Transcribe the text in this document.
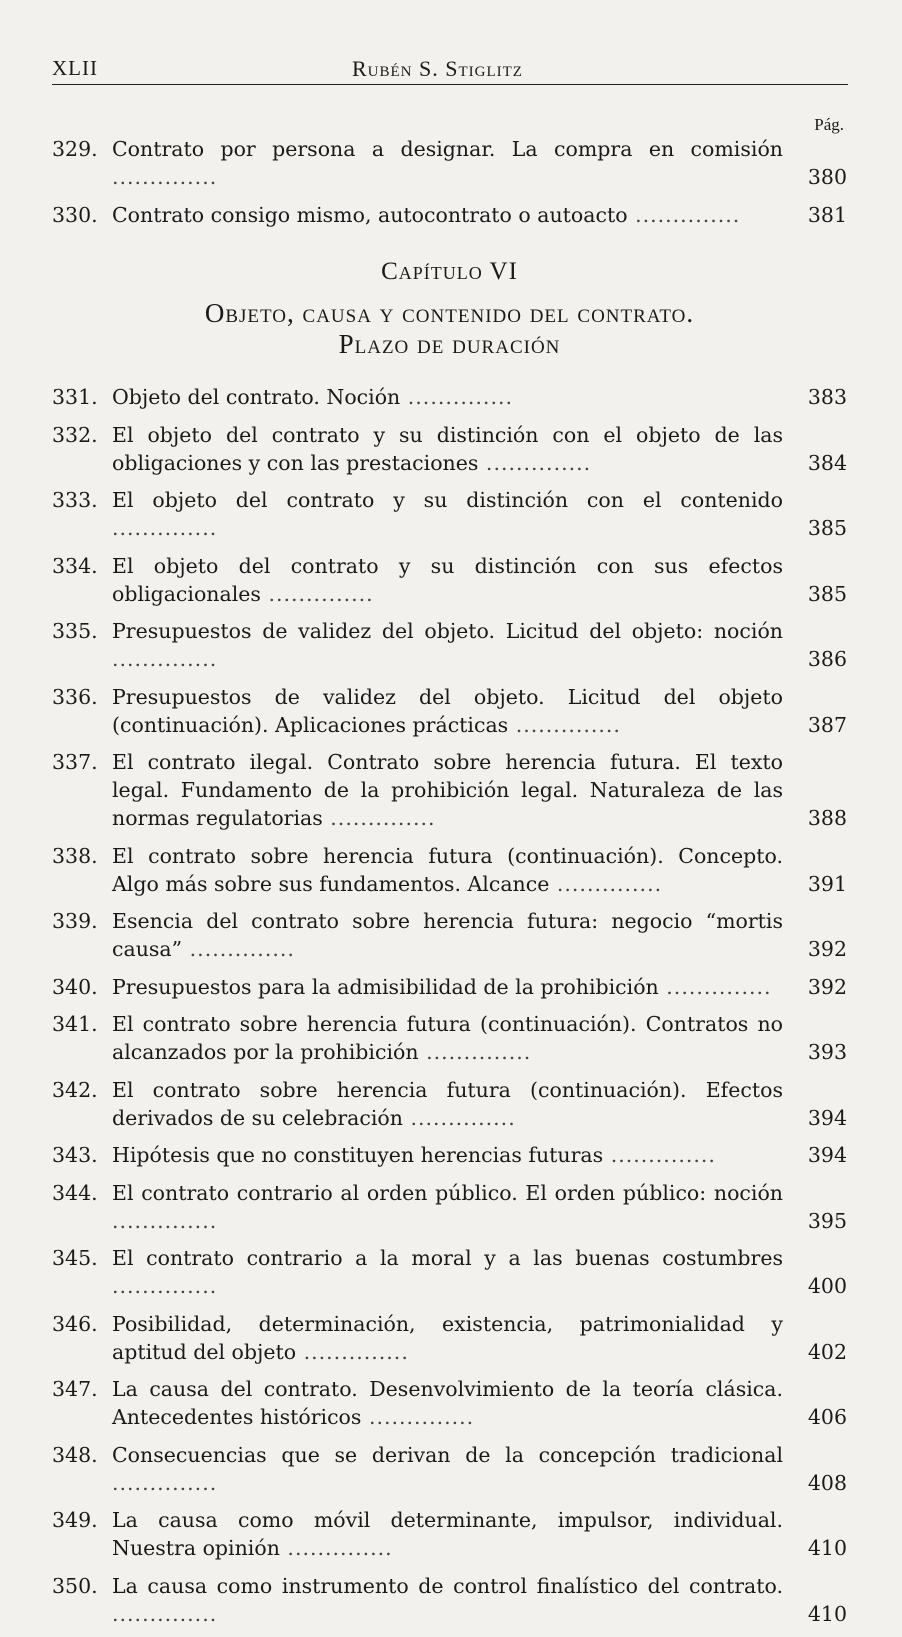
XLII	Rubén S. Stiglitz
Pág.
329. Contrato por persona a designar. La compra en comisión ..............	380
330. Contrato consigo mismo, autocontrato o autoacto ..............	381
Capítulo VI
Objeto, causa y contenido del contrato.
Plazo de duración
331. Objeto del contrato. Noción ..............	383
332. El objeto del contrato y su distinción con el objeto de las obligaciones y con las prestaciones ..............	384
333. El objeto del contrato y su distinción con el contenido ..............	385
334. El objeto del contrato y su distinción con sus efectos obligacionales ..............	385
335. Presupuestos de validez del objeto. Licitud del objeto: noción ..............	386
336. Presupuestos de validez del objeto. Licitud del objeto (continuación). Aplicaciones prácticas ..............	387
337. El contrato ilegal. Contrato sobre herencia futura. El texto legal. Fundamento de la prohibición legal. Naturaleza de las normas regulatorias ..............	388
338. El contrato sobre herencia futura (continuación). Concepto. Algo más sobre sus fundamentos. Alcance ..............	391
339. Esencia del contrato sobre herencia futura: negocio “mortis causa” ..............	392
340. Presupuestos para la admisibilidad de la prohibición ..............	392
341. El contrato sobre herencia futura (continuación). Contratos no alcanzados por la prohibición ..............	393
342. El contrato sobre herencia futura (continuación). Efectos derivados de su celebración ..............	394
343. Hipótesis que no constituyen herencias futuras ..............	394
344. El contrato contrario al orden público. El orden público: noción ..............	395
345. El contrato contrario a la moral y a las buenas costumbres ..............	400
346. Posibilidad, determinación, existencia, patrimonialidad y aptitud del objeto ..............	402
347. La causa del contrato. Desenvolvimiento de la teoría clásica. Antecedentes históricos ..............	406
348. Consecuencias que se derivan de la concepción tradicional ..............	408
349. La causa como móvil determinante, impulsor, individual. Nuestra opinión ..............	410
350. La causa como instrumento de control finalístico del contrato. ..............	410
